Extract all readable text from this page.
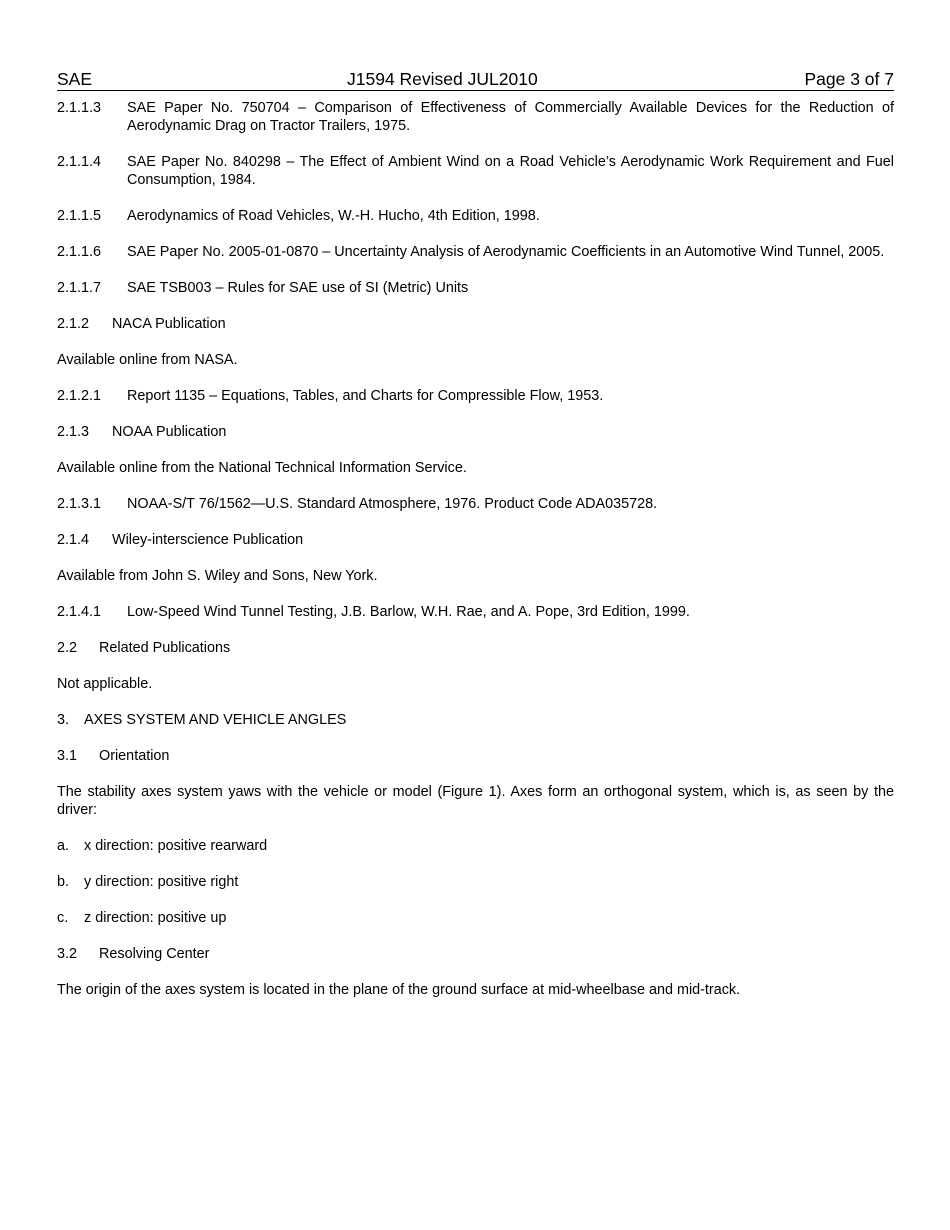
SAE	J1594 Revised JUL2010	Page 3 of 7
2.1.1.3	SAE Paper No. 750704 – Comparison of Effectiveness of Commercially Available Devices for the Reduction of Aerodynamic Drag on Tractor Trailers, 1975.
2.1.1.4	SAE Paper No. 840298 – The Effect of Ambient Wind on a Road Vehicle’s Aerodynamic Work Requirement and Fuel Consumption, 1984.
2.1.1.5	Aerodynamics of Road Vehicles, W.-H. Hucho, 4th Edition, 1998.
2.1.1.6	SAE Paper No. 2005-01-0870 – Uncertainty Analysis of Aerodynamic Coefficients in an Automotive Wind Tunnel, 2005.
2.1.1.7	SAE TSB003 – Rules for SAE use of SI (Metric) Units
2.1.2	NACA Publication
Available online from NASA.
2.1.2.1	Report 1135 – Equations, Tables, and Charts for Compressible Flow, 1953.
2.1.3	NOAA Publication
Available online from the National Technical Information Service.
2.1.3.1	NOAA-S/T 76/1562—U.S. Standard Atmosphere, 1976. Product Code ADA035728.
2.1.4	Wiley-interscience Publication
Available from John S. Wiley and Sons, New York.
2.1.4.1	Low-Speed Wind Tunnel Testing, J.B. Barlow, W.H. Rae, and A. Pope, 3rd Edition, 1999.
2.2	Related Publications
Not applicable.
3.	AXES SYSTEM AND VEHICLE ANGLES
3.1	Orientation
The stability axes system yaws with the vehicle or model (Figure 1). Axes form an orthogonal system, which is, as seen by the driver:
a.	x direction: positive rearward
b.	y direction: positive right
c.	z direction: positive up
3.2	Resolving Center
The origin of the axes system is located in the plane of the ground surface at mid-wheelbase and mid-track.
